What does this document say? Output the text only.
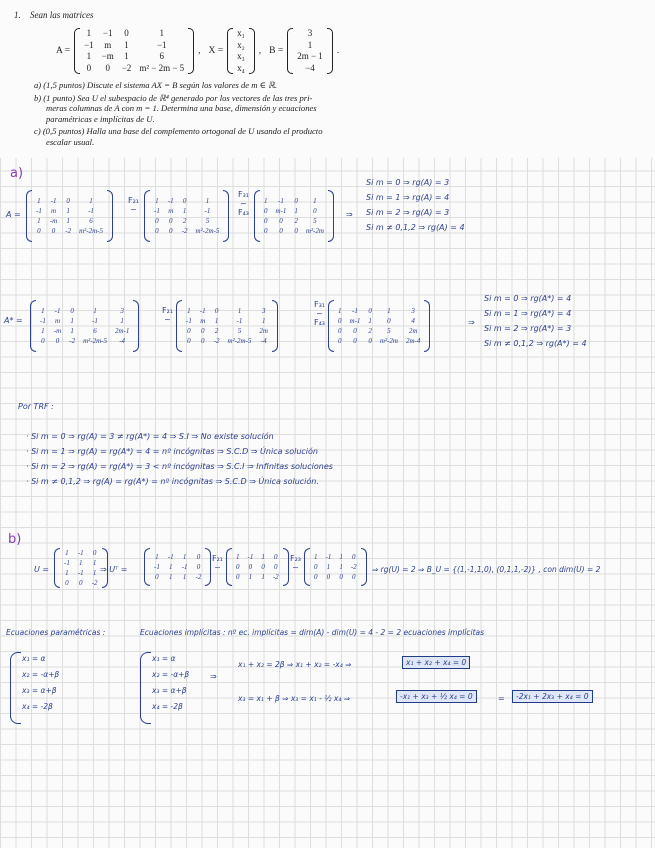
1. Sean las matrices
A =
1	−1	0	1
−1	m	1	−1
1	−m	1	6
0	0	−2	m² − 2m − 5
, X =
x₁
x₂
x₃
x₄
, B =
3
1
2m − 1
−4
.

a) (1,5 puntos) Discute el sistema AX = B según los valores de m ∈ ℝ.

b) (1 punto) Sea U el subespacio de ℝ⁴ generado por los vectores de las tres pri-

meras columnas de A con m = 1. Determina una base, dimensión y ecuaciones

paramétricas e implícitas de U.

c) (0,5 puntos) Halla una base del complemento ortogonal de U usando el producto

escalar usual.

a)
A =
1	-1	0	1
-1	m	1	-1
1	-m	1	6
0	0	-2	m²-2m-5
F₂₁
~
1	-1	0	1
-1	m	1	-1
0	0	2	5
0	0	-2	m²-2m-5
F₃₁
~
F₄₃
1	-1	0	1
0	m-1	1	0
0	0	2	5
0	0	0	m²-2m
⇒
Si m = 0 ⇒ rg(A) = 3
Si m = 1 ⇒ rg(A) = 4
Si m = 2 ⇒ rg(A) = 3
Si m ≠ 0,1,2 ⇒ rg(A) = 4
A* =
1	-1	0	1	3
-1	m	1	-1	1
1	-m	1	6	2m-1
0	0	-2	m²-2m-5	-4
F₂₁
~
1	-1	0	1	3
-1	m	1	-1	1
0	0	2	5	2m
0	0	-2	m²-2m-5	-4
F₃₁
~
F₄₃
1	-1	0	1	3
0	m-1	1	0	4
0	0	2	5	2m
0	0	0	m²-2m	2m-4
⇒
Si m = 0 ⇒ rg(A*) = 4
Si m = 1 ⇒ rg(A*) = 4
Si m = 2 ⇒ rg(A*) = 3
Si m ≠ 0,1,2 ⇒ rg(A*) = 4
Por TRF :
· Si m = 0 ⇒ rg(A) = 3 ≠ rg(A*) = 4 ⇒ S.I ⇒ No existe solución
· Si m = 1 ⇒ rg(A) = rg(A*) = 4 = nº incógnitas ⇒ S.C.D ⇒ Única solución
· Si m = 2 ⇒ rg(A) = rg(A*) = 3 < nº incógnitas ⇒ S.C.I ⇒ Infinitas soluciones
· Si m ≠ 0,1,2 ⇒ rg(A) = rg(A*) = nº incógnitas ⇒ S.C.D ⇒ Única solución.
b)
U =
1	-1	0
-1	1	1
1	-1	1
0	0	-2
⇒ Uᵀ =
1	-1	1	0
-1	1	-1	0
0	1	1	-2
F₂₁
~
1	-1	1	0
0	0	0	0
0	1	1	-2
F₂₃
~
1	-1	1	0
0	1	1	-2
0	0	0	0
⇒ rg(U) = 2 ⇒ B_U = {(1,-1,1,0), (0,1,1,-2)} , con dim(U) = 2
Ecuaciones paramétricas :	Ecuaciones implícitas : nº ec. implícitas = dim(A) - dim(U) = 4 - 2 = 2 ecuaciones implícitas
x₁ = α
x₂ = -α+β
x₃ = α+β
x₄ = -2β
x₁ = α
x₂ = -α+β
x₃ = α+β
x₄ = -2β
⇒
x₁ + x₂ = 2β ⇒ x₁ + x₂ = -x₄ ⇒	x₁ + x₂ + x₄ = 0
x₃ = x₁ + β ⇒ x₃ = x₁ - ½ x₄ ⇒	-x₁ + x₃ + ½ x₄ = 0	=	-2x₁ + 2x₃ + x₄ = 0
